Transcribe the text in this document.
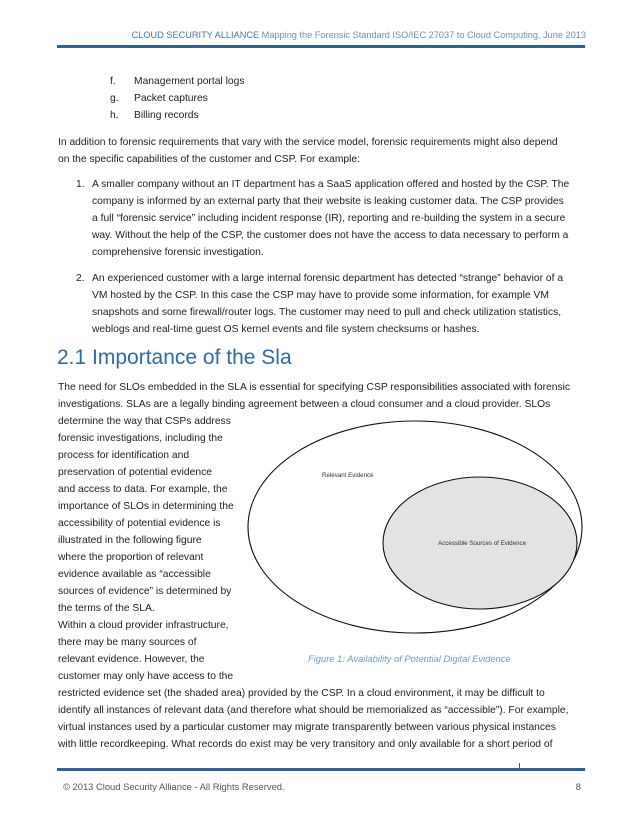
CLOUD SECURITY ALLIANCE Mapping the Forensic Standard ISO/IEC 27037 to Cloud Computing, June 2013
f. Management portal logs
g. Packet captures
h. Billing records
In addition to forensic requirements that vary with the service model, forensic requirements might also depend
on the specific capabilities of the customer and CSP. For example:
1. A smaller company without an IT department has a SaaS application offered and hosted by the CSP. The
company is informed by an external party that their website is leaking customer data. The CSP provides
a full “forensic service” including incident response (IR), reporting and re-building the system in a secure
way. Without the help of the CSP, the customer does not have the access to data necessary to perform a
comprehensive forensic investigation.
2. An experienced customer with a large internal forensic department has detected “strange” behavior of a
VM hosted by the CSP. In this case the CSP may have to provide some information, for example VM
snapshots and some firewall/router logs. The customer may need to pull and check utilization statistics,
weblogs and real-time guest OS kernel events and file system checksums or hashes.
2.1 Importance of the Sla
The need for SLOs embedded in the SLA is essential for specifying CSP responsibilities associated with forensic
investigations. SLAs are a legally binding agreement between a cloud consumer and a cloud provider. SLOs
determine the way that CSPs address
forensic investigations, including the
process for identification and
preservation of potential evidence
and access to data. For example, the
importance of SLOs in determining the
accessibility of potential evidence is
illustrated in the following figure
where the proportion of relevant
evidence available as “accessible
sources of evidence” is determined by
the terms of the SLA.
Within a cloud provider infrastructure,
there may be many sources of
relevant evidence. However, the
customer may only have access to the
restricted evidence set (the shaded area) provided by the CSP. In a cloud environment, it may be difficult to
identify all instances of relevant data (and therefore what should be memorialized as “accessible”). For example,
virtual instances used by a particular customer may migrate transparently between various physical instances
with little recordkeeping. What records do exist may be very transitory and only available for a short period of
Relevant Evidence
Accessible Sources of Evidence
Figure 1: Availability of Potential Digital Evidence
© 2013 Cloud Security Alliance - All Rights Reserved.	8
